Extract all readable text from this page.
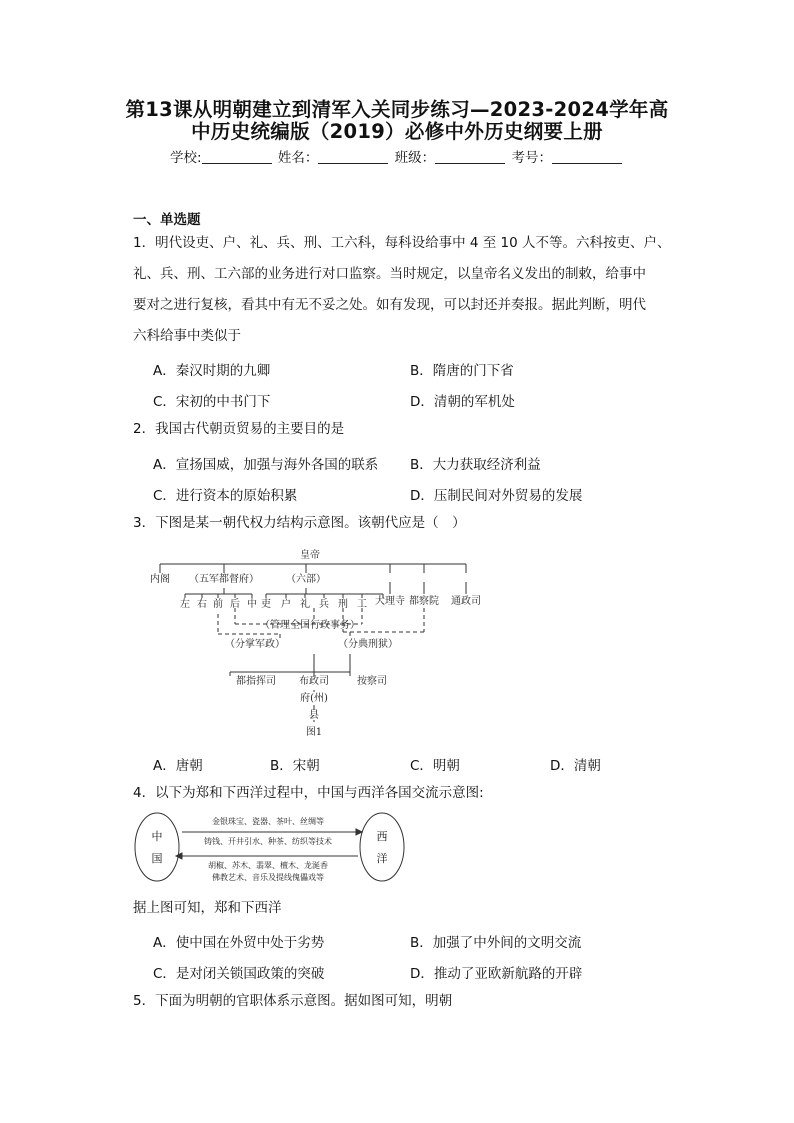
第13课从明朝建立到清军入关同步练习—2023-2024学年高
中历史统编版（2019）必修中外历史纲要上册
学校:	姓名：	班级：	考号：
一、单选题
1．明代设吏、户、礼、兵、刑、工六科，每科设给事中 4 至 10 人不等。六科按吏、户、
礼、兵、刑、工六部的业务进行对口监察。当时规定，以皇帝名义发出的制敕，给事中
要对之进行复核，看其中有无不妥之处。如有发现，可以封还并奏报。据此判断，明代
六科给事中类似于
A．秦汉时期的九卿	B．隋唐的门下省
C．宋初的中书门下	D．清朝的军机处
2．我国古代朝贡贸易的主要目的是
A．宣扬国威，加强与海外各国的联系 B．大力获取经济利益
C．进行资本的原始积累	D．压制民间对外贸易的发展
3．下图是某一朝代权力结构示意图。该朝代应是（　）
皇帝
内阁 （五军都督府）	（六部）
左 右 前 后 中 吏 户 礼 兵 刑 工 大理寺 都察院 通政司
（管理全国行政事务）
（分掌军政）	（分典刑狱）
都指挥司 布政司	按察司
府(州)
县
图1
A．唐朝	B．宋朝	C．明朝	D．清朝
4．以下为郑和下西洋过程中，中国与西洋各国交流示意图:
中
国
西
洋
金银珠宝、瓷器、茶叶、丝绸等
铸钱、开井引水、种茶、纺织等技术
胡椒、苏木、翡翠、檀木、龙涎香
佛教艺术、音乐及提线傀儡戏等
据上图可知，郑和下西洋
A．使中国在外贸中处于劣势	B．加强了中外间的文明交流
C．是对闭关锁国政策的突破	D．推动了亚欧新航路的开辟
5．下面为明朝的官职体系示意图。据如图可知，明朝
